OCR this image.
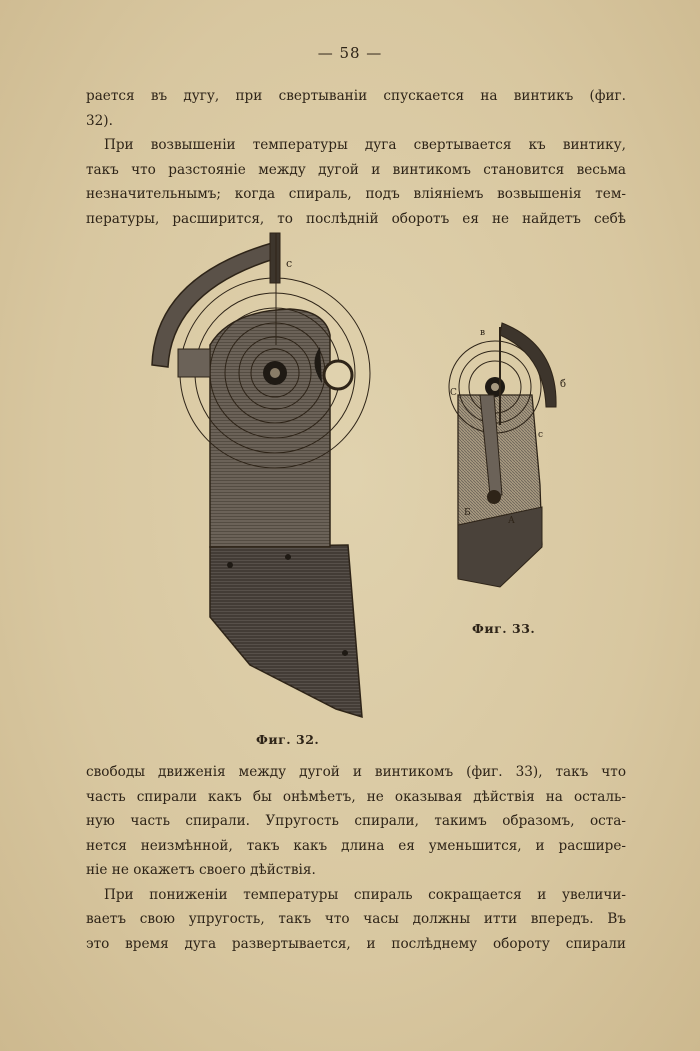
— 58 —
рается въ дугу, при свертываніи спускается на винтикъ (фиг.
32).
При возвышеніи температуры дуга свертывается къ винтику,
такъ что разстояніе между дугой и винтикомъ становится весьма
незначительнымъ; когда спираль, подъ вліяніемъ возвышенія тем-
пературы, расширится, то послѣдній оборотъ ея не найдетъ себѣ
с
Фиг. 32.
в
б
С
с
Б
А
Фиг. 33.
свободы движенія между дугой и винтикомъ (фиг. 33), такъ что
часть спирали какъ бы онѣмѣетъ, не оказывая дѣйствія на осталь-
ную часть спирали. Упругость спирали, такимъ образомъ, оста-
нется неизмѣнной, такъ какъ длина ея уменьшится, и расшире-
ніе не окажетъ своего дѣйствія.
При пониженіи температуры спираль сокращается и увеличи-
ваетъ свою упругость, такъ что часы должны итти впередъ. Въ
это время дуга развертывается, и послѣднему обороту спирали
